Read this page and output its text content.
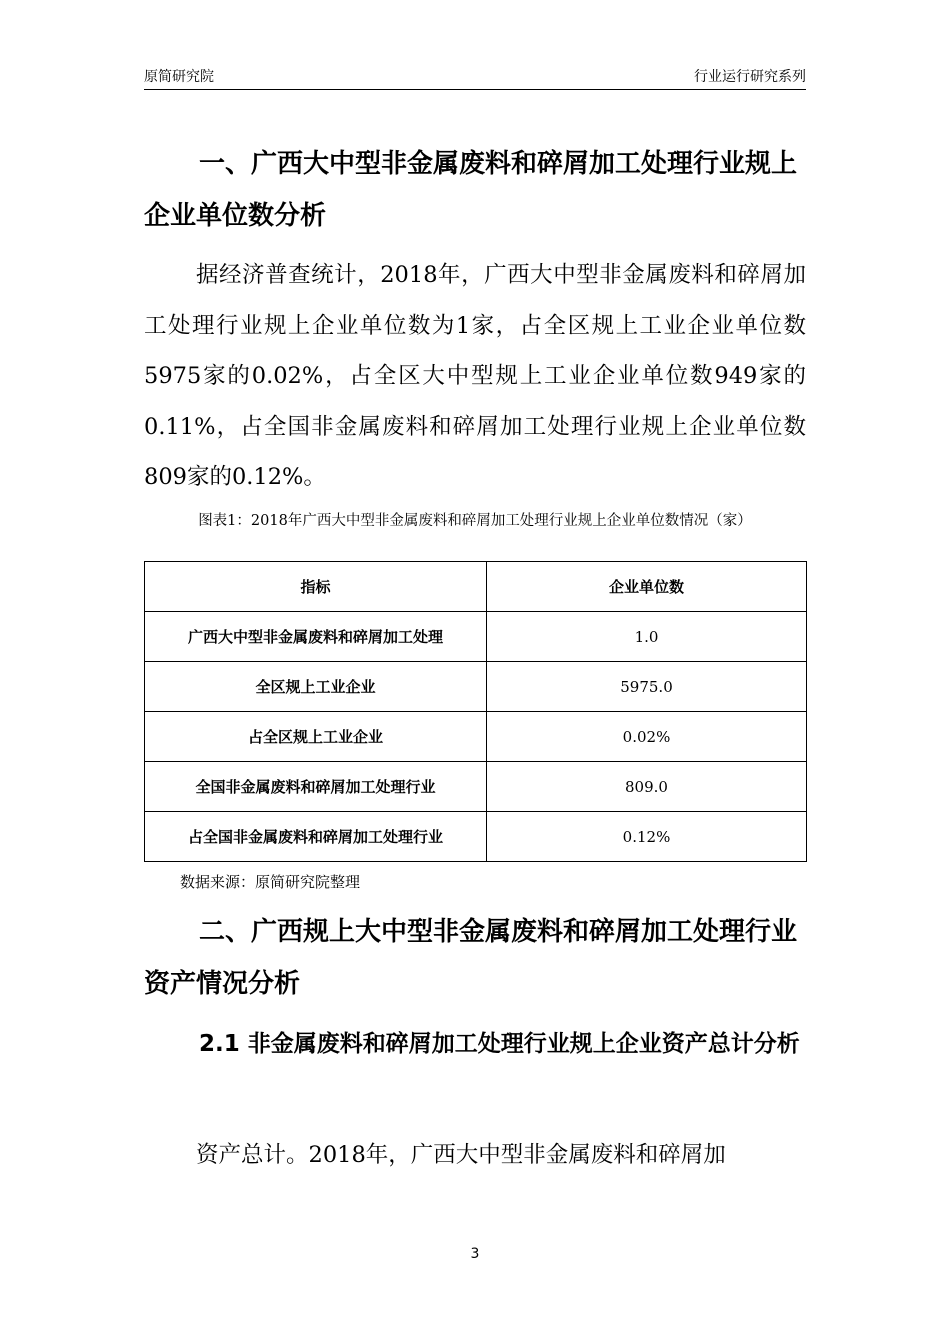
原简研究院	行业运行研究系列
一、广西大中型非金属废料和碎屑加工处理行业规上企业单位数分析

据经济普查统计，2018年，广西大中型非金属废料和碎屑加工处理行业规上企业单位数为1家，占全区规上工业企业单位数5975家的0.02%，占全区大中型规上工业企业单位数949家的0.11%，占全国非金属废料和碎屑加工处理行业规上企业单位数809家的0.12%。

图表1：2018年广西大中型非金属废料和碎屑加工处理行业规上企业单位数情况（家）
指标	企业单位数
广西大中型非金属废料和碎屑加工处理	1.0
全区规上工业企业	5975.0
占全区规上工业企业	0.02%
全国非金属废料和碎屑加工处理行业	809.0
占全国非金属废料和碎屑加工处理行业	0.12%
数据来源：原简研究院整理
二、广西规上大中型非金属废料和碎屑加工处理行业资产情况分析
2.1 非金属废料和碎屑加工处理行业规上企业资产总计分析

资产总计。2018年，广西大中型非金属废料和碎屑加

3
